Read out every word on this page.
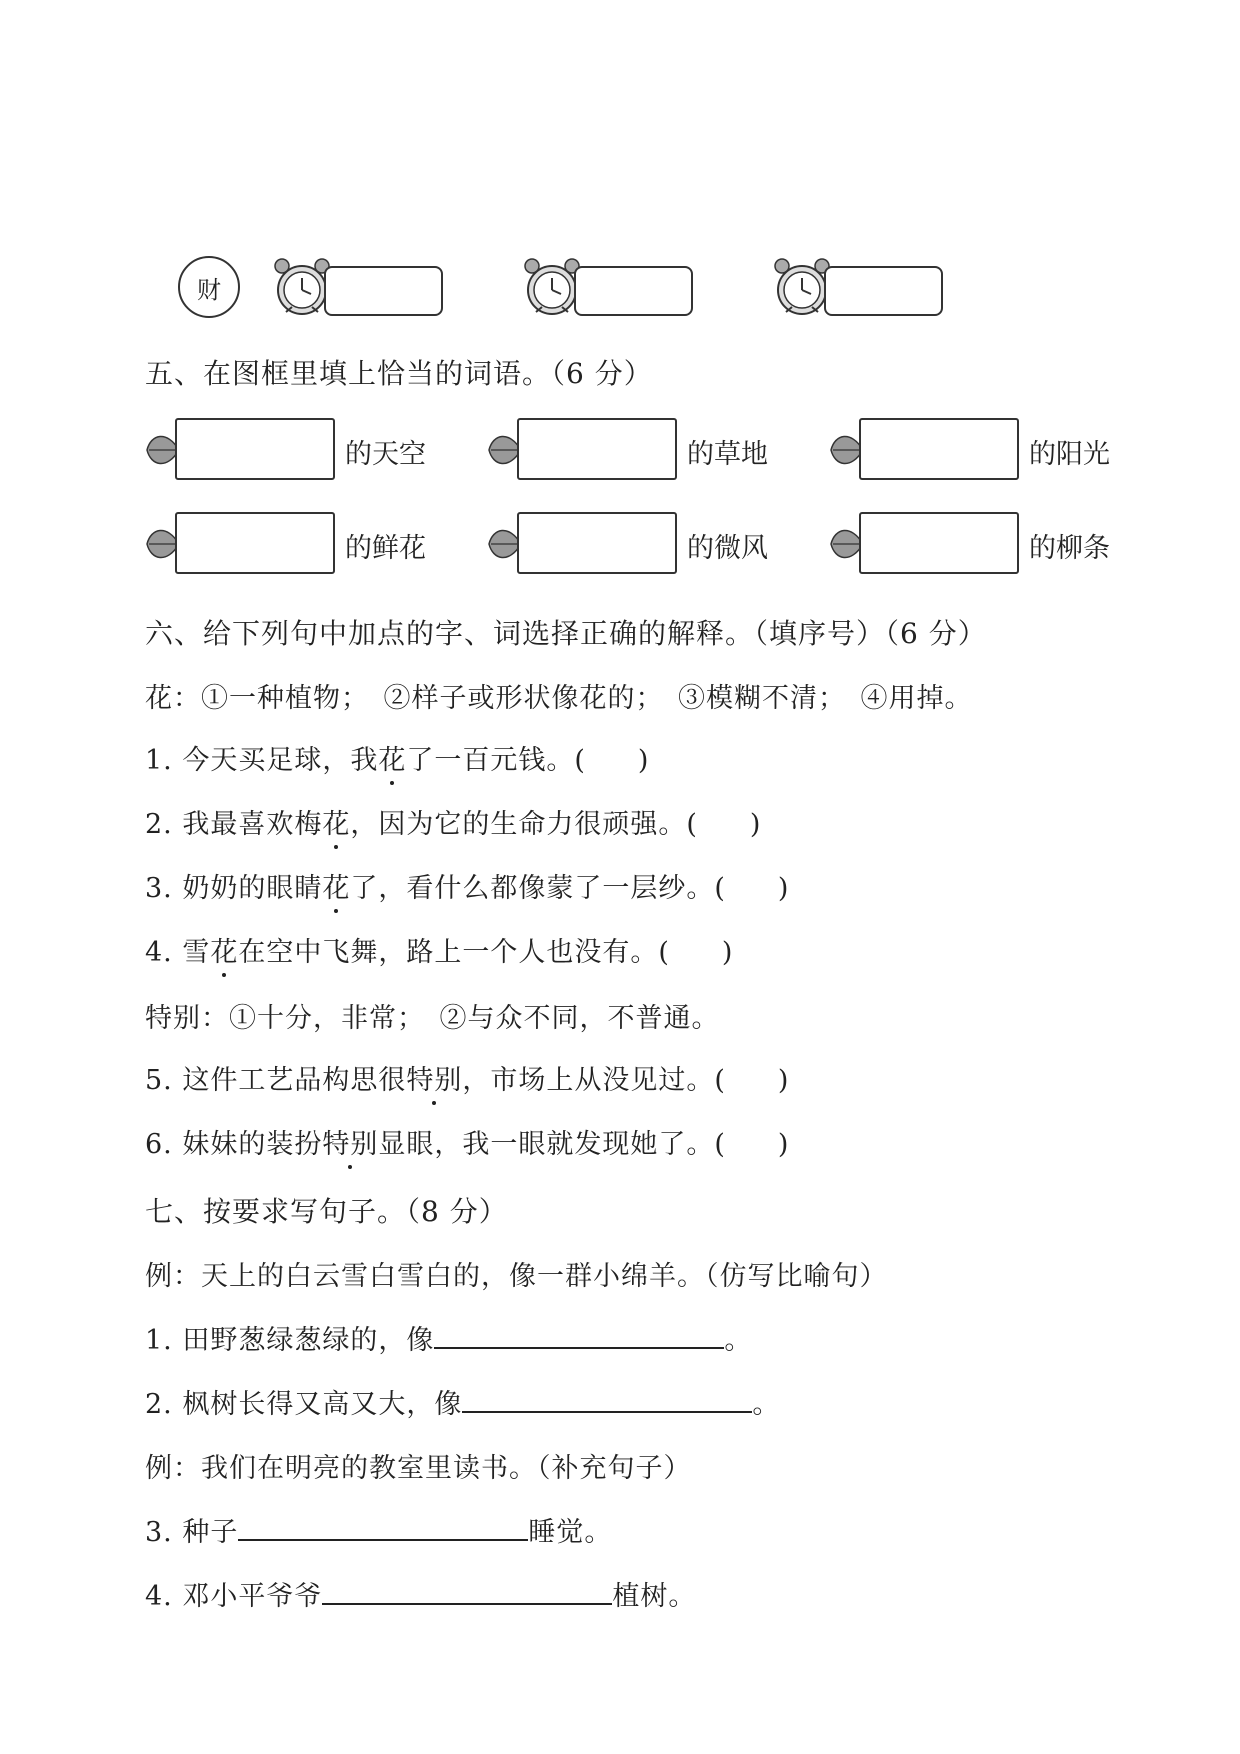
财
五、在图框里填上恰当的词语。（6 分）
的天空	的草地	的阳光
的鲜花	的微风	的柳条
六、给下列句中加点的字、词选择正确的解释。（填序号）（6 分）
花：①一种植物；　②样子或形状像花的；　③模糊不清；　④用掉。
1. 今天买足球，我花了一百元钱。( )
2. 我最喜欢梅花，因为它的生命力很顽强。( )
3. 奶奶的眼睛花了，看什么都像蒙了一层纱。( )
4. 雪花在空中飞舞，路上一个人也没有。( )
特别：①十分，非常；　②与众不同，不普通。
5. 这件工艺品构思很特别，市场上从没见过。( )
6. 妹妹的装扮特别显眼，我一眼就发现她了。( )
七、按要求写句子。（8 分）
例：天上的白云雪白雪白的，像一群小绵羊。（仿写比喻句）
1. 田野葱绿葱绿的，像	。
2. 枫树长得又高又大，像	。
例：我们在明亮的教室里读书。（补充句子）
3. 种子	睡觉。
4. 邓小平爷爷	植树。
